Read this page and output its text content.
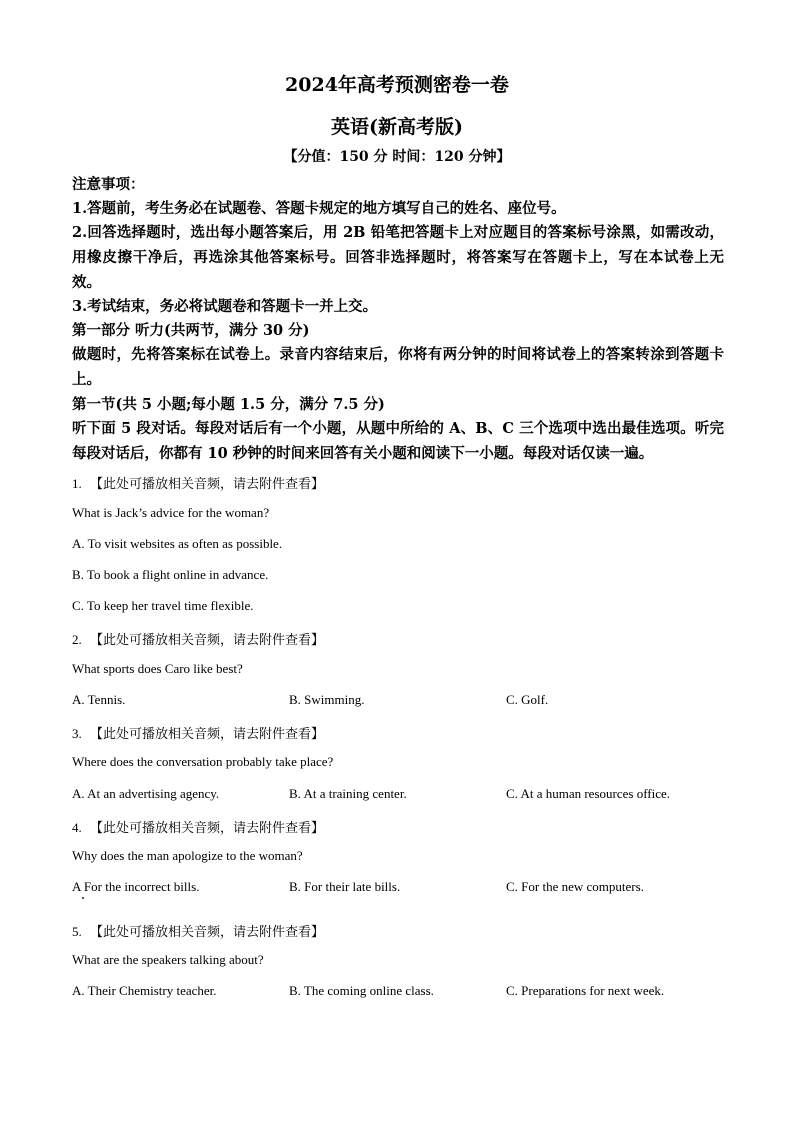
2024年高考预测密卷一卷
英语(新高考版)
【分值：150 分 时间：120 分钟】
注意事项：
1.答题前，考生务必在试题卷、答题卡规定的地方填写自己的姓名、座位号。
2.回答选择题时，选出每小题答案后，用 2B 铅笔把答题卡上对应题目的答案标号涂黑，如需改动，用橡皮擦干净后，再选涂其他答案标号。回答非选择题时，将答案写在答题卡上，写在本试卷上无效。
3.考试结束，务必将试题卷和答题卡一并上交。
第一部分 听力(共两节，满分 30 分)
做题时，先将答案标在试卷上。录音内容结束后，你将有两分钟的时间将试卷上的答案转涂到答题卡上。
第一节(共 5 小题;每小题 1.5 分，满分 7.5 分)
听下面 5 段对话。每段对话后有一个小题，从题中所给的 A、B、C 三个选项中选出最佳选项。听完每段对话后，你都有 10 秒钟的时间来回答有关小题和阅读下一小题。每段对话仅读一遍。
1. 【此处可播放相关音频，请去附件查看】
What is Jack’s advice for the woman?
A. To visit websites as often as possible.
B. To book a flight online in advance.
C. To keep her travel time flexible.
2. 【此处可播放相关音频，请去附件查看】
What sports does Caro like best?
A. Tennis.	B. Swimming.	C. Golf.
3. 【此处可播放相关音频，请去附件查看】
Where does the conversation probably take place?
A. At an advertising agency.	B. At a training center.	C. At a human resources office.
4. 【此处可播放相关音频，请去附件查看】
Why does the man apologize to the woman?
A For the incorrect bills.	B. For their late bills.	C. For the new computers.
5. 【此处可播放相关音频，请去附件查看】
What are the speakers talking about?
A. Their Chemistry teacher.	B. The coming online class.	C. Preparations for next week.
